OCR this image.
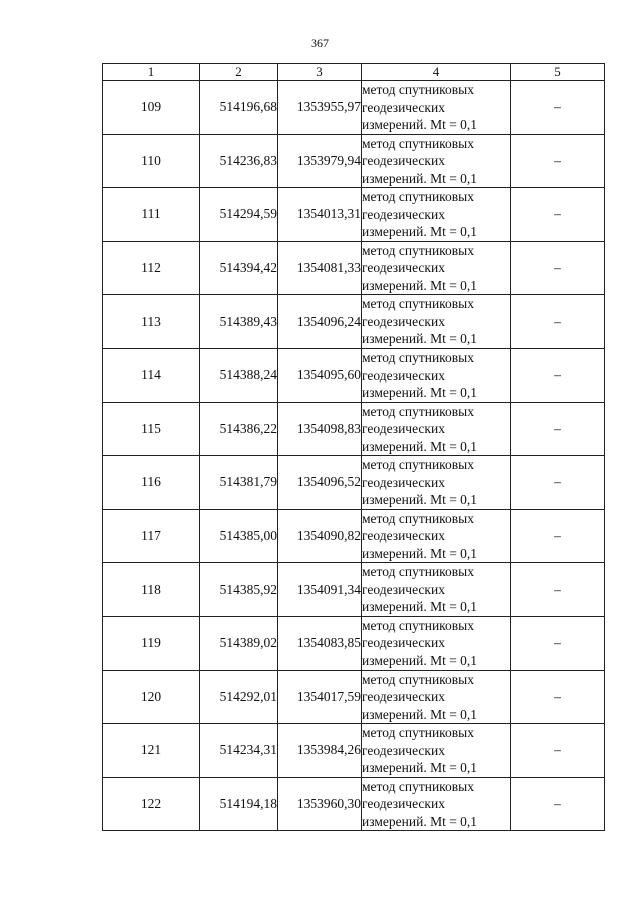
367
1	2	3	4	5
109	514196,68	1353955,97	метод спутниковых
геодезических
измерений. Mt = 0,1	–
110	514236,83	1353979,94	метод спутниковых
геодезических
измерений. Mt = 0,1	–
111	514294,59	1354013,31	метод спутниковых
геодезических
измерений. Mt = 0,1	–
112	514394,42	1354081,33	метод спутниковых
геодезических
измерений. Mt = 0,1	–
113	514389,43	1354096,24	метод спутниковых
геодезических
измерений. Mt = 0,1	–
114	514388,24	1354095,60	метод спутниковых
геодезических
измерений. Mt = 0,1	–
115	514386,22	1354098,83	метод спутниковых
геодезических
измерений. Mt = 0,1	–
116	514381,79	1354096,52	метод спутниковых
геодезических
измерений. Mt = 0,1	–
117	514385,00	1354090,82	метод спутниковых
геодезических
измерений. Mt = 0,1	–
118	514385,92	1354091,34	метод спутниковых
геодезических
измерений. Mt = 0,1	–
119	514389,02	1354083,85	метод спутниковых
геодезических
измерений. Mt = 0,1	–
120	514292,01	1354017,59	метод спутниковых
геодезических
измерений. Mt = 0,1	–
121	514234,31	1353984,26	метод спутниковых
геодезических
измерений. Mt = 0,1	–
122	514194,18	1353960,30	метод спутниковых
геодезических
измерений. Mt = 0,1	–
